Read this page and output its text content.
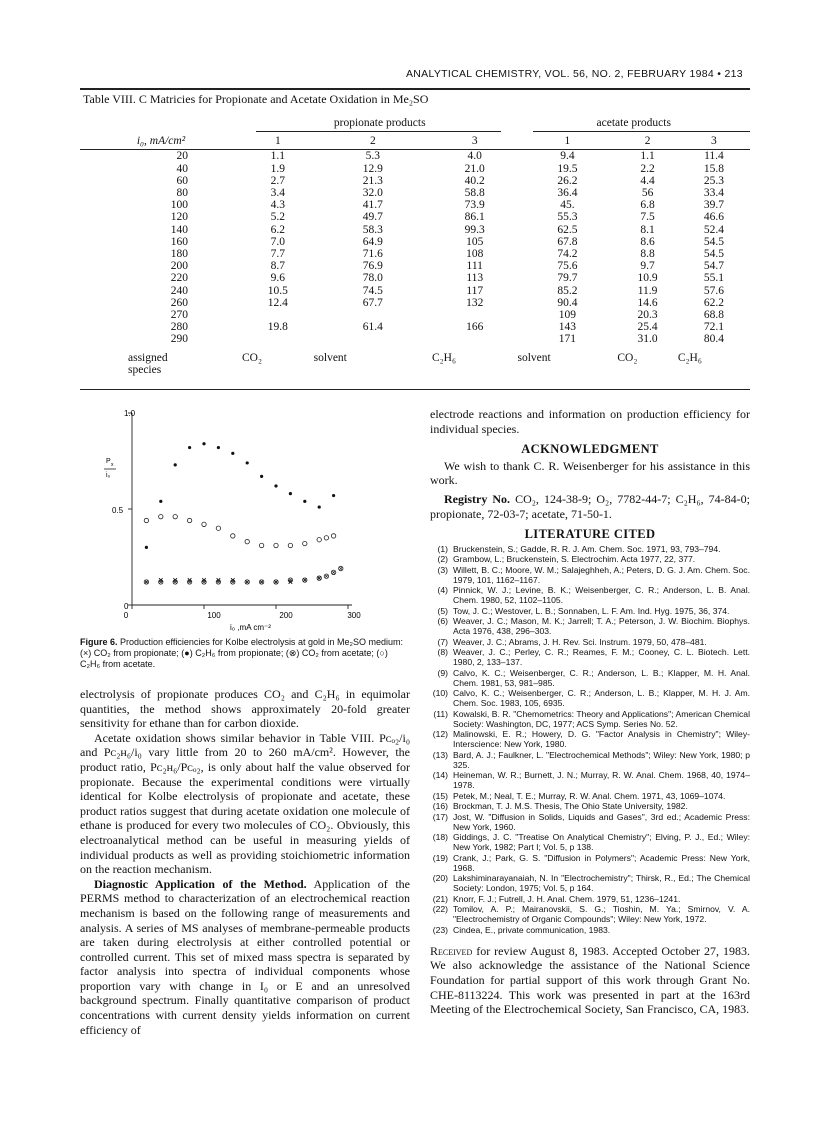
ANALYTICAL CHEMISTRY, VOL. 56, NO. 2, FEBRUARY 1984 • 213
Table VIII. C Matricies for Propionate and Acetate Oxidation in Me₂SO
	propionate products			acetate products		

i₀, mA/cm²	1	2	3	1	2	3
20	1.1	5.3	4.0	9.4	1.1	11.4
40	1.9	12.9	21.0	19.5	2.2	15.8
60	2.7	21.3	40.2	26.2	4.4	25.3
80	3.4	32.0	58.8	36.4	56	33.4
100	4.3	41.7	73.9	45.	6.8	39.7
120	5.2	49.7	86.1	55.3	7.5	46.6
140	6.2	58.3	99.3	62.5	8.1	52.4
160	7.0	64.9	105	67.8	8.6	54.5
180	7.7	71.6	108	74.2	8.8	54.5
200	8.7	76.9	111	75.6	9.7	54.7
220	9.6	78.0	113	79.7	10.9	55.1
240	10.5	74.5	117	85.2	11.9	57.6
260	12.4	67.7	132	90.4	14.6	62.2
270				109	20.3	68.8
280	19.8	61.4	166	143	25.4	72.1
290				171	31.0	80.4
assigned	CO₂	solvent	C₂H₆	solvent	CO₂	C₂H₆
species						
1.0
0.5
0
P x
i₀
0	100	200	300
i₀ ,mA cm⁻²
Figure 6. Production efficiencies for Kolbe electrolysis at gold in Me₂SO medium: (×) CO₂ from propionate; (●) C₂H₆ from propionate; (⊗) CO₂ from acetate; (○) C₂H₆ from acetate.

electrolysis of propionate produces CO₂ and C₂H₆ in equimolar quantities, the method shows approximately 20-fold greater sensitivity for ethane than for carbon dioxide.

Acetate oxidation shows similar behavior in Table VIII. Pᴄₒ₂/i₀ and Pᴄ₂ʜ₆/i₀ vary little from 20 to 260 mA/cm². However, the product ratio, Pᴄ₂ʜ₆/Pᴄₒ₂, is only about half the value observed for propionate. Because the experimental conditions were virtually identical for Kolbe electrolysis of propionate and acetate, these product ratios suggest that during acetate oxidation one molecule of ethane is produced for every two molecules of CO₂. Obviously, this electroanalytical method can be useful in measuring yields of individual products as well as providing stoichiometric information on the reaction mechanism.

Diagnostic Application of the Method. Application of the PERMS method to characterization of an electrochemical reaction mechanism is based on the following range of measurements and analysis. A series of MS analyses of membrane-permeable products are taken during electrolysis at either controlled potential or controlled current. This set of mixed mass spectra is separated by factor analysis into spectra of individual components whose proportion vary with change in I₀ or E and an unresolved background spectrum. Finally quantitative comparison of product concentrations with current density yields information on current efficiency of

electrode reactions and information on production efficiency for individual species.

ACKNOWLEDGMENT

We wish to thank C. R. Weisenberger for his assistance in this work.

Registry No. CO₂, 124-38-9; O₂, 7782-44-7; C₂H₆, 74-84-0; propionate, 72-03-7; acetate, 71-50-1.

LITERATURE CITED
(1) Bruckenstein, S.; Gadde, R. R. J. Am. Chem. Soc. 1971, 93, 793–794.
(2) Grambow, L.; Bruckenstein, S. Electrochim. Acta 1977, 22, 377.
(3) Willett, B. C.; Moore, W. M.; Salajeghheh, A.; Peters, D. G. J. Am. Chem. Soc. 1979, 101, 1162–1167.
(4) Pinnick, W. J.; Levine, B. K.; Weisenberger, C. R.; Anderson, L. B. Anal. Chem. 1980, 52, 1102–1105.
(5) Tow, J. C.; Westover, L. B.; Sonnaben, L. F. Am. Ind. Hyg. 1975, 36, 374.
(6) Weaver, J. C.; Mason, M. K.; Jarrell; T. A.; Peterson, J. W. Biochim. Biophys. Acta 1976, 438, 296–303.
(7) Weaver, J. C.; Abrams, J. H. Rev. Sci. Instrum. 1979, 50, 478–481.
(8) Weaver, J. C.; Perley, C. R.; Reames, F. M.; Cooney, C. L. Biotech. Lett. 1980, 2, 133–137.
(9) Calvo, K. C.; Weisenberger, C. R.; Anderson, L. B.; Klapper, M. H. Anal. Chem. 1981, 53, 981–985.
(10) Calvo, K. C.; Weisenberger, C. R.; Anderson, L. B.; Klapper, M. H. J. Am. Chem. Soc. 1983, 105, 6935.
(11) Kowalski, B. R. "Chemometrics: Theory and Applications"; American Chemical Society: Washington, DC, 1977; ACS Symp. Series No. 52.
(12) Malinowski, E. R.; Howery, D. G. "Factor Analysis in Chemistry"; Wiley-Interscience: New York, 1980.
(13) Bard, A. J.; Faulkner, L. "Electrochemical Methods"; Wiley: New York, 1980; p 325.
(14) Heineman, W. R.; Burnett, J. N.; Murray, R. W. Anal. Chem. 1968, 40, 1974–1978.
(15) Petek, M.; Neal, T. E.; Murray, R. W. Anal. Chem. 1971, 43, 1069–1074.
(16) Brockman, T. J. M.S. Thesis, The Ohio State University, 1982.
(17) Jost, W. "Diffusion in Solids, Liquids and Gases", 3rd ed.; Academic Press: New York, 1960.
(18) Giddings, J. C. "Treatise On Analytical Chemistry"; Elving, P. J., Ed.; Wiley: New York, 1982; Part I; Vol. 5, p 138.
(19) Crank, J.; Park, G. S. "Diffusion in Polymers"; Academic Press: New York, 1968.
(20) Lakshiminarayanaiah, N. In "Electrochemistry"; Thirsk, R., Ed.; The Chemical Society: London, 1975; Vol. 5, p 164.
(21) Knorr, F. J.; Futrell, J. H. Anal. Chem. 1979, 51, 1236–1241.
(22) Tomilov, A. P.; Mairanovskii, S. G.; Tioshin, M. Ya.; Smirnov, V. A. "Electrochemistry of Organic Compounds"; Wiley: New York, 1972.
(23) Cindea, E., private communication, 1983.
Received for review August 8, 1983. Accepted October 27, 1983. We also acknowledge the assistance of the National Science Foundation for partial support of this work through Grant No. CHE-8113224. This work was presented in part at the 163rd Meeting of the Electrochemical Society, San Francisco, CA, 1983.
